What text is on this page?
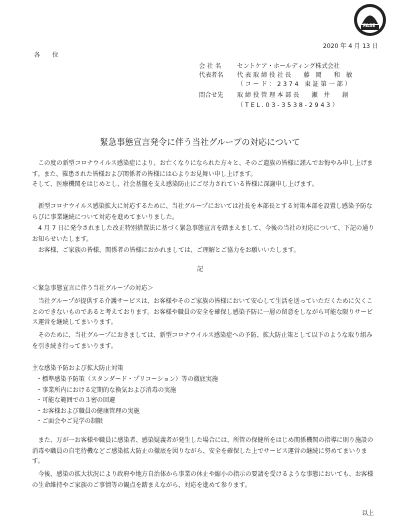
FASE
2020 年 4 月 13 日
各　　位
会 社 名	セントケア・ホールディング株式会社
代表者名 代 表 取 締 役 社 長　　藤　岡　　和　敏
（ コ ー ド ： 2 3 7 4　東 証 第 一 部 ）
問合せ先 取 締 役 管 理 本 部 長　　瀬　井　　創
（ T E L . 0 3 - 3 5 3 8 - 2 9 4 3 ）
緊急事態宣言発令に伴う当社グループの対応について
　この度の新型コロナウイルス感染症により、お亡くなりになられた方々と、そのご遺族の皆様に謹んでお悔やみ申し上げます。また、罹患された皆様および関係者の皆様には心よりお見舞い申し上げます。
そして、医療機関をはじめとし、社会基盤を支え感染防止にご尽力されている皆様に深謝申し上げます。
　新型コロナウイルス感染拡大に対応するために、当社グループにおいては社長を本部長とする対策本部を設置し感染予防ならびに事業継続について対応を進めてまいりました。
　4 月 7 日に発令されました改正特別措置法に基づく緊急事態宣言を踏まえまして、今後の当社の対応について、下記の通りお知らせいたします。
　お客様、ご家族の皆様、関係者の皆様におかれましては、ご理解とご協力をお願いいたします。
記
＜緊急事態宣言に伴う当社グループの対応＞
　当社グループが提供する介護サービスは、お客様やそのご家族の皆様において安心して生活を送っていただくために欠くことのできないものであると考えております。お客様や職員の安全を確保し感染予防に一層の留意をしながら可能な限りサービス運営を継続してまいります。
　そのために、当社グループにおきましては、新型コロナウイルス感染症への予防、拡大防止策として以下のような取り組みを引き続き行ってまいります。
主な感染予防および拡大防止対策
・標準感染予防策（スタンダード・プリコーション）等の徹底実施
・事業所内における定期的な換気および消毒の実施
・可能な範囲での３密の回避
・お客様および職員の健康管理の実施
・ご面会やご見学の制限
　また、万が一お客様や職員に感染者、感染疑義者が発生した場合には、所管の保健所をはじめ関係機関の指導に則り施設の消毒や職員の自宅待機などご感染拡大防止の徹底を図りながら、安全を確保した上でサービス運営の継続に努めてまいります。
　今後、感染の拡大状況により政府や地方自治体から事業の休止や縮小の指示の要請を受けるような事態においても、お客様の生命維持やご家族のご事情等の観点を踏まえながら、対応を進めて参ります。
以上
